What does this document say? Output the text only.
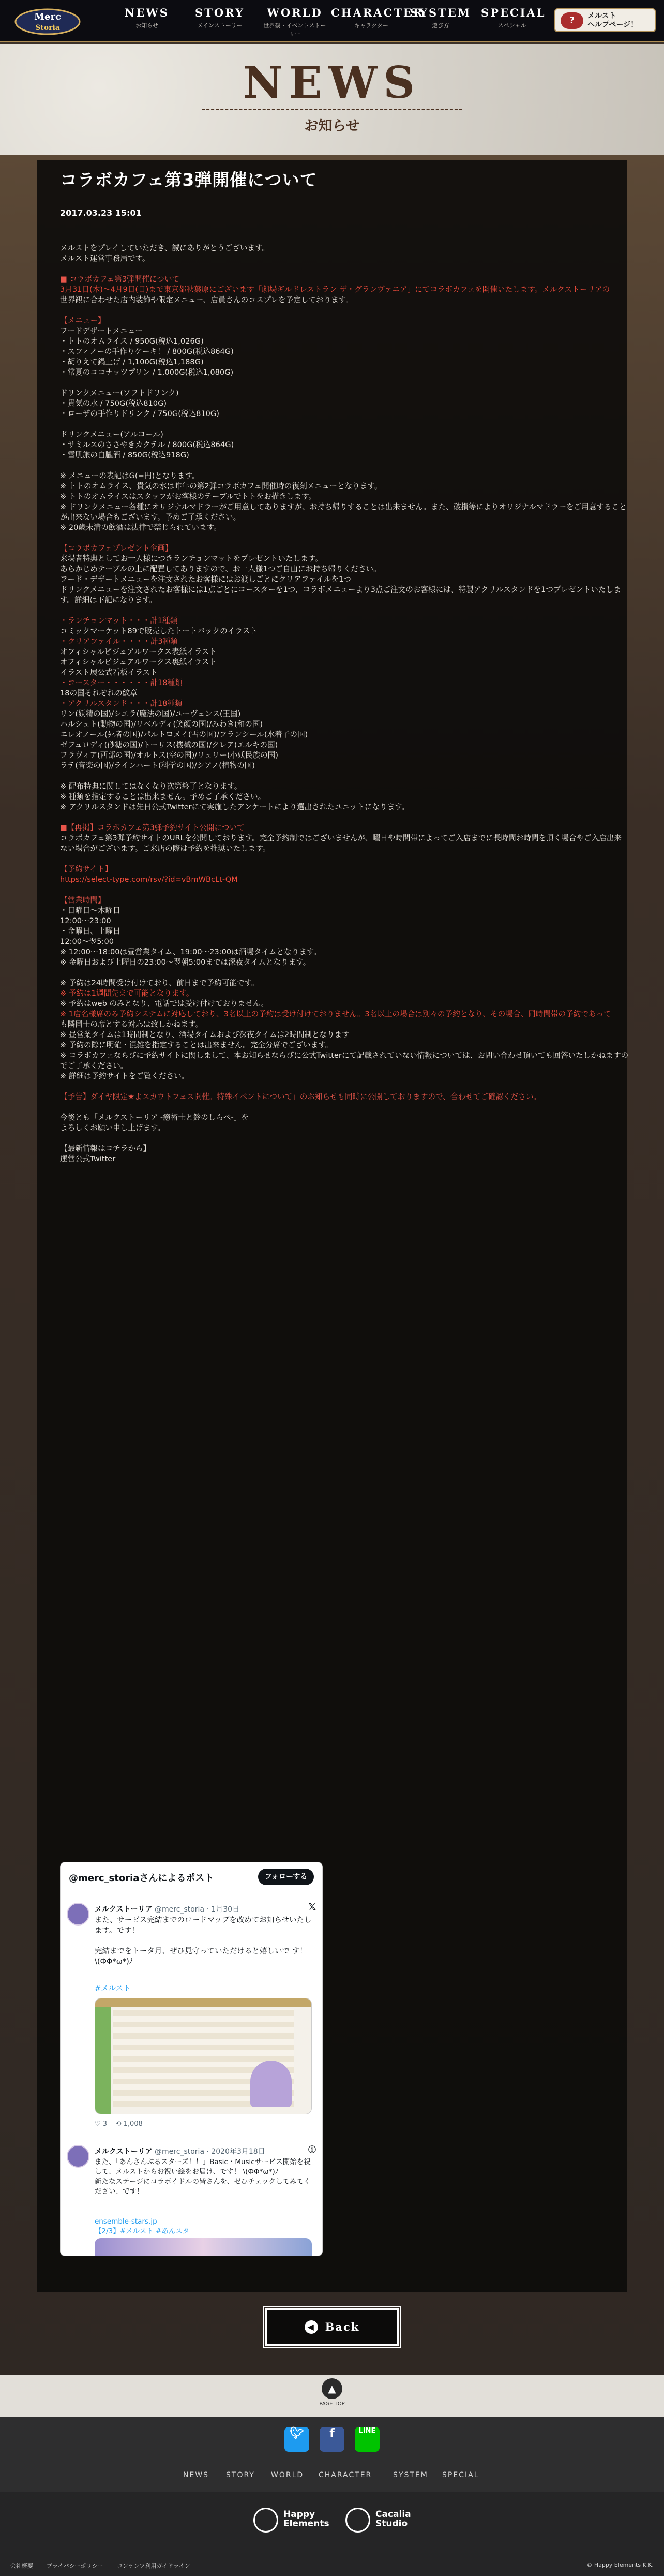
Merc
Storia
NEWS
お知らせ
STORY
メインストーリー
WORLD
世界観・イベントストーリー
CHARACTER
キャラクター
SYSTEM
遊び方
SPECIAL
スペシャル	?	メルスト
ヘルプページ！
NEWS
お知らせ
コラボカフェ第3弾開催について
2017.03.23 15:01

メルストをプレイしていただき、誠にありがとうございます。

メルスト運営事務局です。

■ コラボカフェ第3弾開催について

3月31日(木)〜4月9日(日)まで東京都秋葉原にございます「劇場ギルドレストラン ザ・グランヴァニア」にてコラボカフェを開催いたします。メルクストーリアの

世界観に合わせた店内装飾や限定メニュー、店員さんのコスプレを予定しております。

【メニュー】

フードデザートメニュー

・トトのオムライス / 950G(税込1,026G)

・スフィノーの手作りケーキ！ / 800G(税込864G)

・胡りえて鍋上げ / 1,100G(税込1,188G)

・常夏のココナッツプリン / 1,000G(税込1,080G)

ドリンクメニュー(ソフトドリンク)

・貴気の水 / 750G(税込810G)

・ローザの手作りドリンク / 750G(税込810G)

ドリンクメニュー(アルコール)

・サミルスのささやきカクテル / 800G(税込864G)

・雪肌旅の白朧酒 / 850G(税込918G)

※ メニューの表記はG(=円)となります。

※ トトのオムライス、貴気の水は昨年の第2弾コラボカフェ開催時の復刻メニューとなります。

※ トトのオムライスはスタッフがお客様のテーブルでトトをお描きします。

※ ドリンクメニュー各種にオリジナルマドラーがご用意してありますが、お持ち帰りすることは出来ません。また、破損等によりオリジナルマドラーをご用意すること

が出来ない場合もございます。予めご了承ください。

※ 20歳未満の飲酒は法律で禁じられています。

【コラボカフェプレゼント企画】

来場者特典としてお一人様につきランチョンマットをプレゼントいたします。

あらかじめテーブルの上に配置してありますので、お一人様1つご自由にお持ち帰りください。

フード・デザートメニューを注文されたお客様にはお渡しごとにクリアファイルを1つ

ドリンクメニューを注文されたお客様には1点ごとにコースターを1つ、コラボメニューより3点ご注文のお客様には、特製アクリルスタンドを1つプレゼントいたしま

す。詳細は下記になります。

・ランチョンマット・・・計1種類

コミックマーケット89で販売したトートバックのイラスト

・クリアファイル・・・・計3種類

オフィシャルビジュアルワークス表紙イラスト

オフィシャルビジュアルワークス裏紙イラスト

イラスト展公式看板イラスト

・コースター・・・・・・計18種類

18の国それぞれの紋章

・アクリルスタンド・・・計18種類

リン(妖精の国)/シエラ(魔法の国)/ユーヴェンス(王国)

ハルシュト(動物の国)/リベルディ(笑顔の国)/みわき(和の国)

エレオノール(死者の国)/パルトロメイ(雪の国)/フランシール(水着子の国)

ゼフュロディ(砂糖の国)/トーリス(機械の国)/クレア(エルキの国)

フラヴィア(西部の国)/オルトス(空の国)/リュリー(小妖民族の国)

ラテ(音楽の国)/ラインハート(科学の国)/シアノ(植物の国)

※ 配布特典に関してはなくなり次第終了となります。

※ 種類を指定することは出来ません。予めご了承ください。

※ アクリルスタンドは先日公式Twitterにて実施したアンケートにより選出されたユニットになります。

■【再掲】コラボカフェ第3弾予約サイト公開について

コラボカフェ第3弾予約サイトのURLを公開しております。完全予約制ではございませんが、曜日や時間帯によってご入店までに長時間お時間を頂く場合やご入店出来

ない場合がございます。ご来店の際は予約を推奨いたします。

【予約サイト】

https://select-type.com/rsv/?id=vBmWBcLt-QM

【営業時間】

・日曜日〜木曜日

12:00〜23:00

・金曜日、土曜日

12:00〜翌5:00

※ 12:00〜18:00は昼営業タイム、19:00〜23:00は酒場タイムとなります。

※ 金曜日および土曜日の23:00〜翌朝5:00までは深夜タイムとなります。

※ 予約は24時間受け付けており、前日まで予約可能です。

※ 予約は1週間先まで可能となります。

※ 予約はweb のみとなり、電話では受け付けておりません。

※ 1店名様席のみ予約システムに対応しており、3名以上の予約は受け付けておりません。3名以上の場合は別々の予約となり、その場合、同時間帯の予約であって

も隣同士の席とする対応は致しかねます。

※ 昼営業タイムは1時間制となり、酒場タイムおよび深夜タイムは2時間制となります

※ 予約の際に明確・混雑を指定することは出来ません。完全分席でございます。

※ コラボカフェならびに予約サイトに関しまして、本お知らせならびに公式Twitterにて記載されていない情報については、お問い合わせ頂いても回答いたしかねますの

でご了承ください。

※ 詳細は予約サイトをご覧ください。

【予告】ダイヤ限定★よスカウトフェス開催。特殊イベントについて」のお知らせも同時に公開しておりますので、合わせてご確認ください。

今後とも「メルクストーリア -癒術士と鈴のしらべ-」を

よろしくお願い申し上げます。

【最新情報はコチラから】

運営公式Twitter

@merc_storiaさんによるポスト	フォローする
メルクストーリア @merc_storia · 1月30日	𝕏
また、サービス完結までのロードマップを改めてお知らせいたします。です！

完結までをトータ月、ぜひ見守っていただけると嬉しいで す！ \(ФΦ*ω*)ﾉ
#メルスト
♡ 3 ⟲ 1,008
メルクストーリア @merc_storia · 2020年3月18日	ⓘ
また、「あんさんぶるスターズ！！」Basic・Musicサービス開始を祝して、メルストからお祝い絵をお届け、です！ \(ФΦ*ω*)ﾉ
新たなステージにコラボイドルの皆さんを、ゼひチェックしてみてください、です！
ensemble-stars.jp
【2/3】#メルスト #あんスタ
◀ Back
▲
PAGE TOP
🐦︎	f	LINE
NEWS STORY WORLD CHARACTER	SYSTEM SPECIAL
Happy
Elements
Cacalia
Studio
会社概要 プライバシーポリシー コンテンツ利用ガイドライン	© Happy Elements K.K.
